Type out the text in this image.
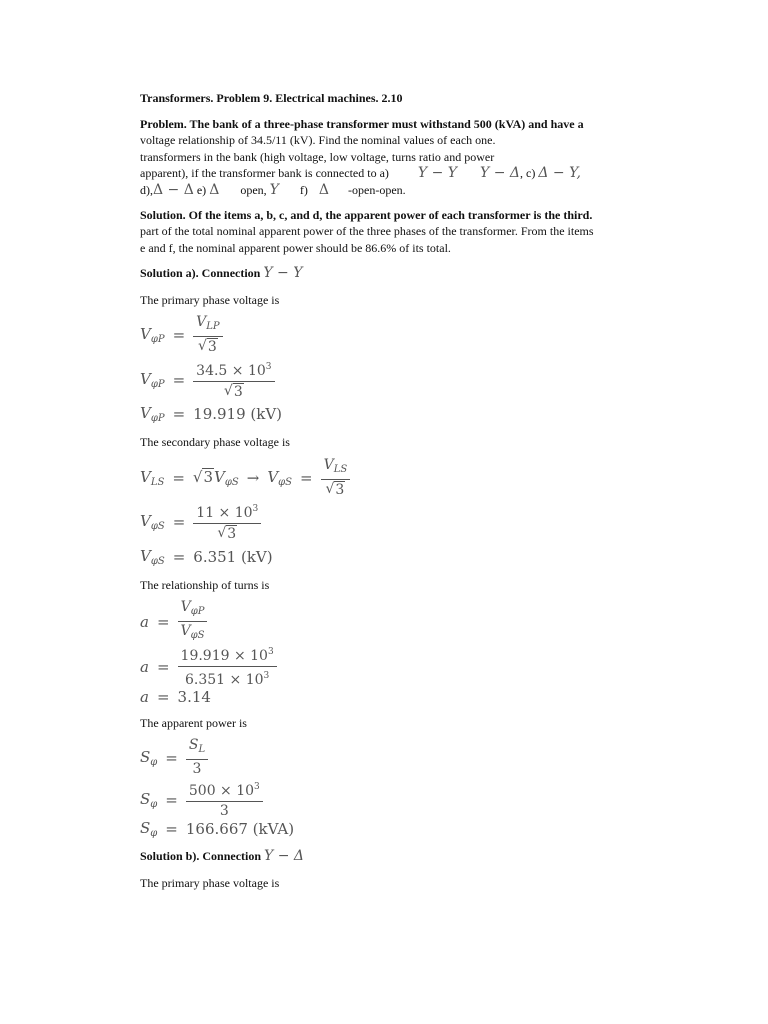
Transformers. Problem 9. Electrical machines. 2.10
Problem. The bank of a three-phase transformer must withstand 500 (kVA) and have a
voltage relationship of 34.5/11 (kV). Find the nominal values of each one.
transformers in the bank (high voltage, low voltage, turns ratio and power
apparent), if the transformer bank is connected to a) Y − Y Y − Δ, c) Δ − Y,
d),Δ − Δ e) Δ open, Y f) Δ -open-open.
Solution. Of the items a, b, c, and d, the apparent power of each transformer is the third.
part of the total nominal apparent power of the three phases of the transformer. From the items
e and f, the nominal apparent power should be 86.6% of its total.
Solution a). Connection Y − Y
The primary phase voltage is
$V_{\varphi P} = \frac{V_{LP}}{√ 3}$
$V_{\varphi P} = \frac{34.5 \times 10^3}{√ 3}$
$V_{\varphi P} = 19.919$ (kV)
The secondary phase voltage is
$V_{LS}$ = √ 3 $V_{\varphi S} \to V_{\varphi S} = \frac{V_{LS}}{√ 3}$
$V_{\varphi S} = \frac{11 \times 10^3}{√ 3}$
$V_{\varphi S} = 6.351$ (kV)
The relationship of turns is
$a = \frac{V_{\varphi P}}{V_{\varphi S}}$
$a = \frac{19.919 \times 10^3}{6.351 \times 10^3}$
a = 3.14
The apparent power is
$S_\varphi = \frac{S_L}{3}$
$S_\varphi = \frac{500 \times 10^3}{3}$
$S_\varphi = 166.667$ (kVA)
Solution b). Connection Y − Δ
The primary phase voltage is
